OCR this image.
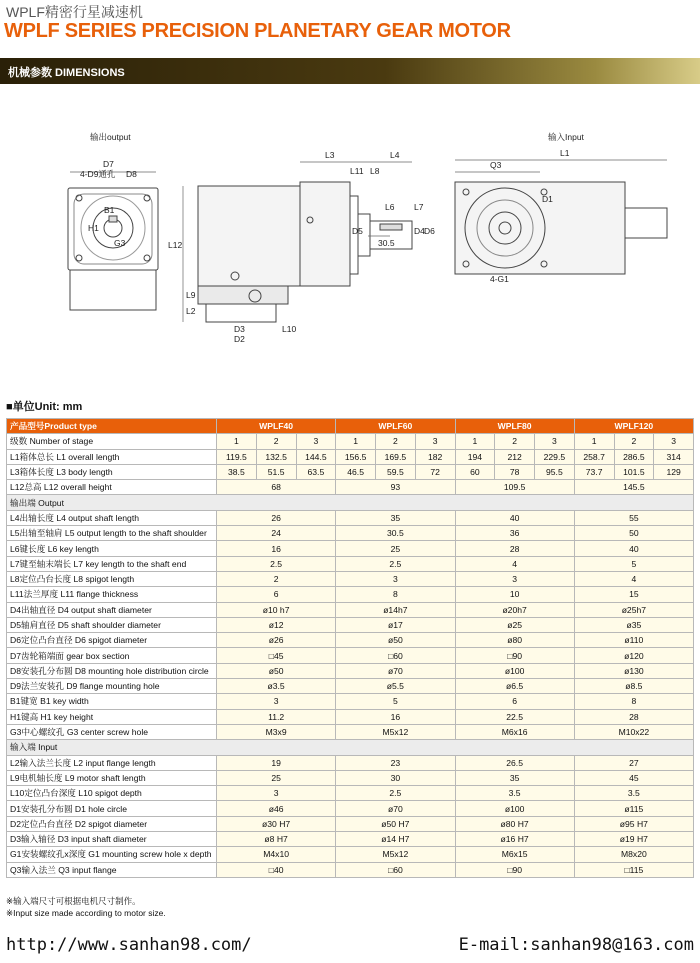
WPLF精密行星减速机
WPLF SERIES PRECISION PLANETARY GEAR MOTOR
机械参数 DIMENSIONS
输出output	输入Input
D7
4-D9通孔 D8
B1
H1
G3
L3	L4
L11 L8
L6 L7
D5	D4 D6
30.5
L12
L9
L2
D3
D2
L10
L1
Q3
D1
4-G1
■单位Unit: mm
产品型号Product type	WPLF40			WPLF60			WPLF80			WPLF120		
级数 Number of stage	1	2	3	1	2	3	1	2	3	1	2	3
L1箱体总长 L1 overall length	119.5	132.5	144.5	156.5	169.5	182	194	212	229.5	258.7	286.5	314
L3箱体长度 L3 body length	38.5	51.5	63.5	46.5	59.5	72	60	78	95.5	73.7	101.5	129
L12总高 L12 overall height	68			93			109.5			145.5		
输出端 Output												
L4出轴长度 L4 output shaft length	26			35			40			55		
L5出轴至轴肩 L5 output length to the shaft shoulder	24			30.5			36			50		
L6键长度 L6 key length	16			25			28			40		
L7键至轴末端长 L7 key length to the shaft end	2.5			2.5			4			5		
L8定位凸台长度 L8 spigot length	2			3			3			4		
L11法兰厚度 L11 flange thickness	6			8			10			15		
D4出轴直径 D4 output shaft diameter	ø10 h7			ø14h7			ø20h7			ø25h7		
D5轴肩直径 D5 shaft shoulder diameter	ø12			ø17			ø25			ø35		
D6定位凸台直径 D6 spigot diameter	ø26			ø50			ø80			ø110		
D7齿轮箱端面 gear box section	□45			□60			□90			ø120		
D8安装孔分布圆 D8 mounting hole distribution circle	ø50			ø70			ø100			ø130		
D9法兰安装孔 D9 flange mounting hole	ø3.5			ø5.5			ø6.5			ø8.5		
B1键宽 B1 key width	3			5			6			8		
H1键高 H1 key height	11.2			16			22.5			28		
G3中心螺纹孔 G3 center screw hole	M3x9			M5x12			M6x16			M10x22		
输入端 Input												
L2输入法兰长度 L2 input flange length	19			23			26.5			27		
L9电机轴长度 L9 motor shaft length	25			30			35			45		
L10定位凸台深度 L10 spigot depth	3			2.5			3.5			3.5		
D1安装孔分布圆 D1 hole circle	ø46			ø70			ø100			ø115		
D2定位凸台直径 D2 spigot diameter	ø30 H7			ø50 H7			ø80 H7			ø95 H7		
D3输入轴径 D3 input shaft diameter	ø8 H7			ø14 H7			ø16 H7			ø19 H7		
G1安装螺纹孔x深度 G1 mounting screw hole x depth	M4x10			M5x12			M6x15			M8x20		
Q3输入法兰 Q3 input flange	□40			□60			□90			□115		
※输入端尺寸可根据电机尺寸制作。
※Input size made according to motor size.
http://www.sanhan98.com/	E-mail:sanhan98@163.com
